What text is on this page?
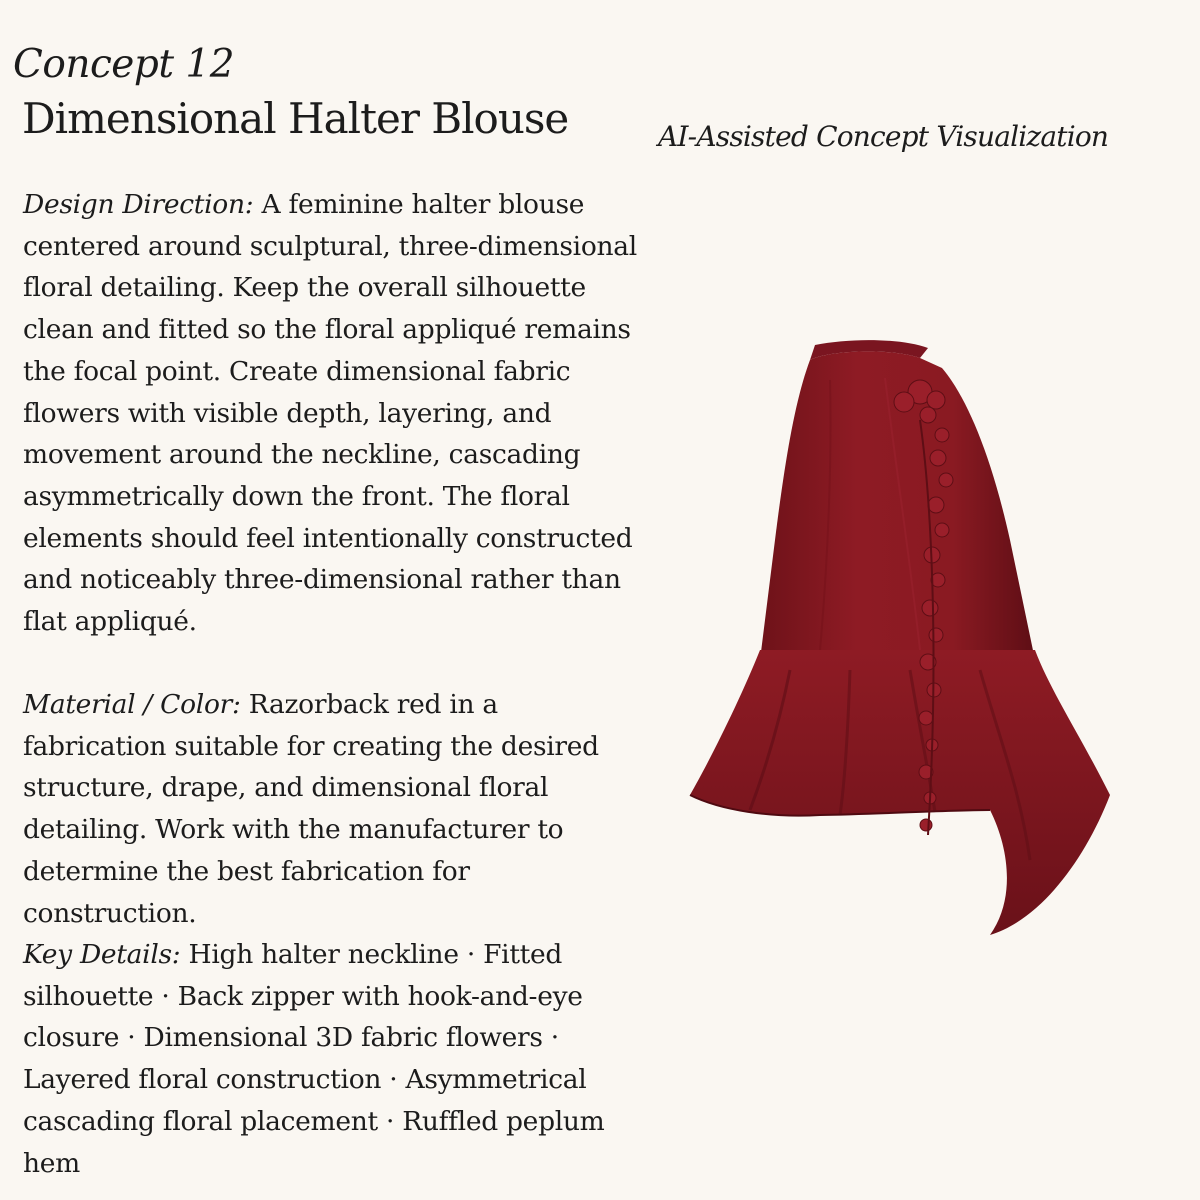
Concept 12
Dimensional Halter Blouse	AI-Assisted Concept Visualization

Design Direction: A feminine halter blouse centered around sculptural, three-dimensional floral detailing. Keep the overall silhouette clean and fitted so the floral appliqué remains the focal point. Create dimensional fabric flowers with visible depth, layering, and movement around the neckline, cascading asymmetrically down the front. The floral elements should feel intentionally constructed and noticeably three-dimensional rather than flat appliqué.

Material / Color: Razorback red in a fabrication suitable for creating the desired structure, drape, and dimensional floral detailing. Work with the manufacturer to determine the best fabrication for construction.

Key Details: High halter neckline · Fitted silhouette · Back zipper with hook-and-eye closure · Dimensional 3D fabric flowers · Layered floral construction · Asymmetrical cascading floral placement · Ruffled peplum hem
